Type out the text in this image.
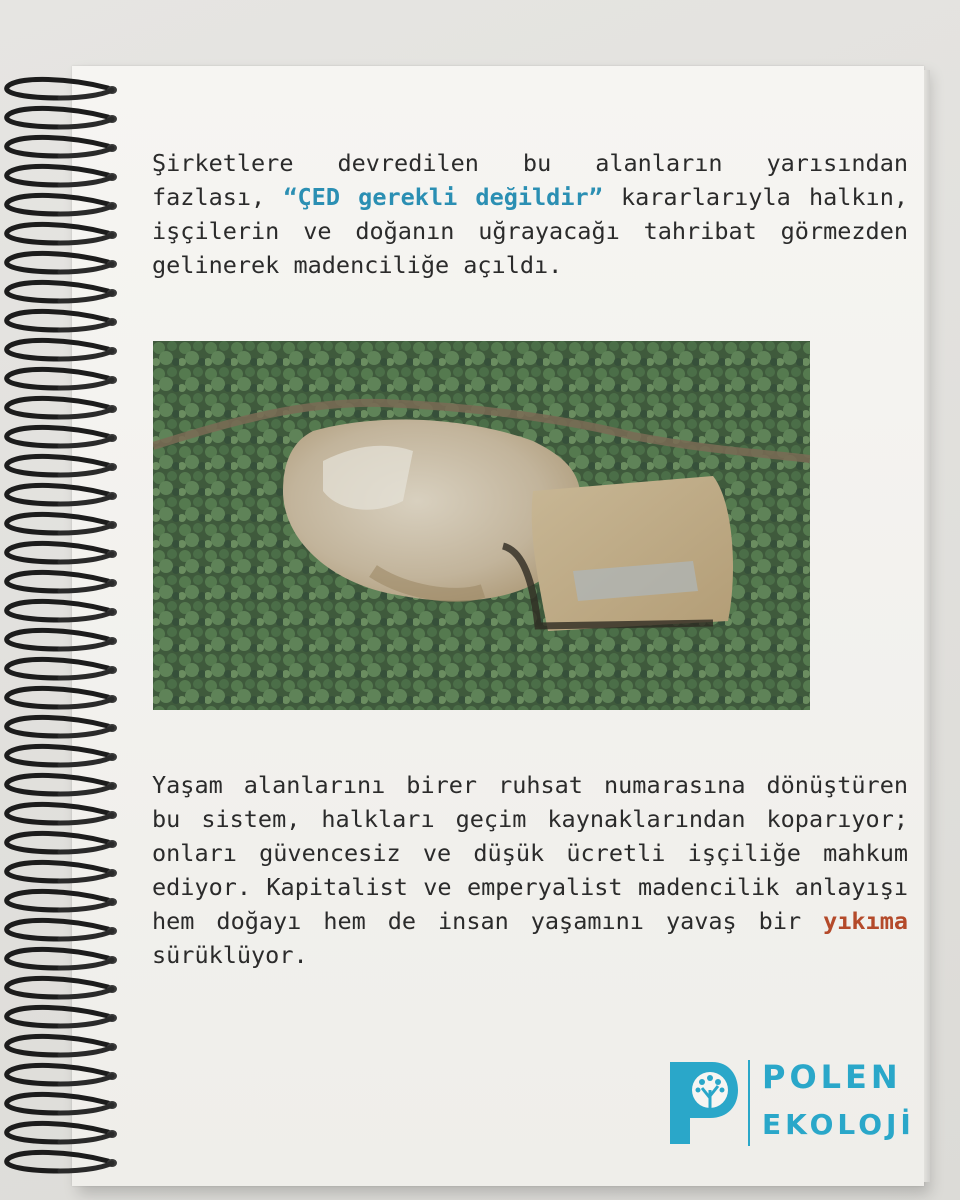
Şirketlere devredilen bu alanların yarısından fazlası, “ÇED gerekli değildir” kararlarıyla halkın, işçilerin ve doğanın uğrayacağı tahribat görmezden gelinerek madenciliğe açıldı.

Yaşam alanlarını birer ruhsat numarasına dönüştüren bu sistem, halkları geçim kaynaklarından koparıyor; onları güvencesiz ve düşük ücretli işçiliğe mahkum ediyor. Kapitalist ve emperyalist madencilik anlayışı hem doğayı hem de insan yaşamını yavaş bir yıkıma sürüklüyor.

POLEN
EKOLOJİ
